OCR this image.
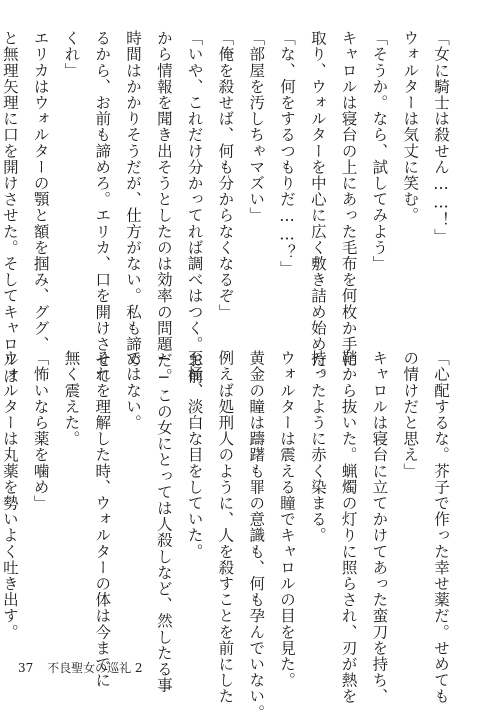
「女に騎士は殺せん……！」
ウォルターは気丈に笑む。
「そうか。なら、試してみよう」
キャロルは寝台の上にあった毛布を何枚か手に
取り、ウォルターを中心に広く敷き詰め始めた。
「な、何をするつもりだ……？」
「部屋を汚しちゃマズい」
「俺を殺せば、何も分からなくなるぞ」
「いや、これだけ分かってれば調べはつく。お前
から情報を聞き出そうとしたのは効率の問題だ。
時間はかかりそうだが、仕方がない。私も諦め
るから、お前も諦めろ。エリカ、口を開けさせて
くれ」
エリカはウォルターの顎と額を掴み、ググ、
と無理矢理に口を開けさせた。そしてキャロルは
「心配するな。芥子で作った幸せ薬だ。せめても
の情けだと思え」
キャロルは寝台に立てかけてあった蛮刀を持ち、
鞘から抜いた。蝋燭の灯りに照らされ、刃が熱を
持ったように赤く染まる。
ウォルターは震える瞳でキャロルの目を見た。
黄金の瞳は躊躇も罪の意識も、何も孕んでいない。
例えば処刑人のように、人を殺すことを前にした
至極、淡白な目をしていた。
──この女にとっては人殺しなど、然したる事
ではない。
それを理解した時、ウォルターの体は今までに
無く震えた。
「怖いなら薬を噛め」
ウォルターは丸薬を勢いよく吐き出す。
37 不良聖女の巡礼 2
